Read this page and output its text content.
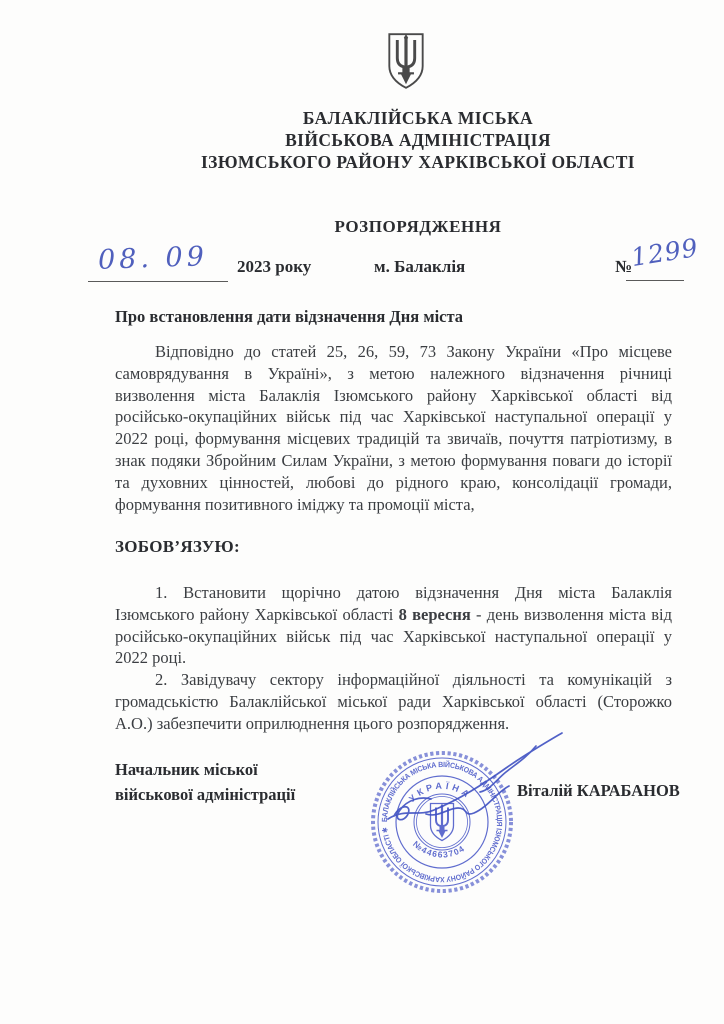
БАЛАКЛІЙСЬКА МІСЬКА
ВІЙСЬКОВА АДМІНІСТРАЦІЯ
ІЗЮМСЬКОГО РАЙОНУ ХАРКІВСЬКОЇ ОБЛАСТІ
РОЗПОРЯДЖЕННЯ
08. 09 2023 року	м. Балаклія	№
1299
Про встановлення дати відзначення Дня міста

Відповідно до статей 25, 26, 59, 73 Закону України «Про місцеве самоврядування в Україні», з метою належного відзначення річниці визволення міста Балаклія Ізюмського району Харківської області від російсько-окупаційних військ під час Харківської наступальної операції у 2022 році, формування місцевих традицій та звичаїв, почуття патріотизму, в знак подяки Збройним Силам України, з метою формування поваги до історії та духовних цінностей, любові до рідного краю, консолідації громади, формування позитивного іміджу та промоції міста,

ЗОБОВ’ЯЗУЮ:

1. Встановити щорічно датою відзначення Дня міста Балаклія Ізюмського району Харківської області 8 вересня - день визволення міста від російсько-окупаційних військ під час Харківської наступальної операції у 2022 році.

2. Завідувачу сектору інформаційної діяльності та комунікацій з громадськістю Балаклійської міської ради Харківської області (Сторожко А.О.) забезпечити оприлюднення цього розпорядження.

Начальник міської
військової адміністрації	Віталій КАРАБАНОВ
БАЛАКЛІЙСЬКА МІСЬКА ВІЙСЬКОВА АДМІНІСТРАЦІЯ ІЗЮМСЬКОГО РАЙОНУ ХАРКІВСЬКОЇ ОБЛАСТІ ✱
УКРАЇНА
№44663704
